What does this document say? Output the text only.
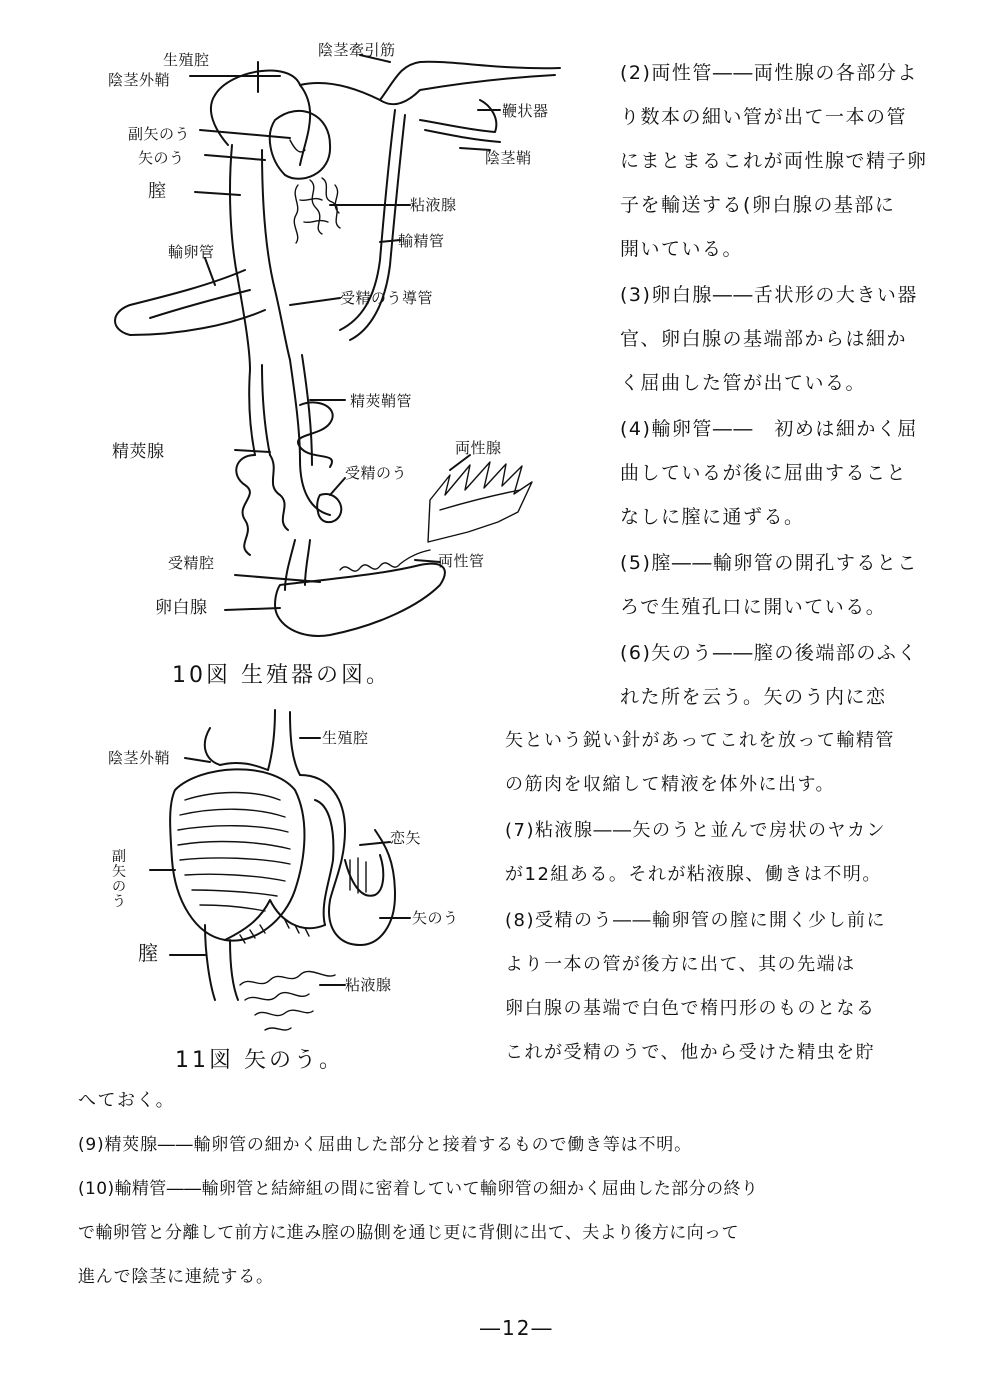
生殖腔
陰茎外鞘
陰茎牽引筋
鞭状器
陰茎鞘
副矢のう
矢のう
膣
粘液腺
輸精管
輸卵管
受精のう導管
精莢鞘管
精莢腺
受精のう
両性腺
受精腔	両性管
卵白腺
10図 生殖器の図。
生殖腔
陰茎外鞘
副矢のう
恋矢
矢のう
膣
粘液腺
11図 矢のう。
(2)両性管――両性腺の各部分よ
り数本の細い管が出て一本の管
にまとまるこれが両性腺で精子卵
子を輸送する(卵白腺の基部に
開いている。
(3)卵白腺――舌状形の大きい器
官、卵白腺の基端部からは細か
く屈曲した管が出ている。
(4)輸卵管――　初めは細かく屈
曲しているが後に屈曲すること
なしに膣に通ずる。
(5)膣――輸卵管の開孔するとこ
ろで生殖孔口に開いている。
(6)矢のう――膣の後端部のふく
れた所を云う。矢のう内に恋
矢という鋭い針があってこれを放って輸精管
の筋肉を収縮して精液を体外に出す。
(7)粘液腺――矢のうと並んで房状のヤカン
が12組ある。それが粘液腺、働きは不明。
(8)受精のう――輸卵管の膣に開く少し前に
より一本の管が後方に出て、其の先端は
卵白腺の基端で白色で楕円形のものとなる
これが受精のうで、他から受けた精虫を貯
へておく。
(9)精莢腺――輸卵管の細かく屈曲した部分と接着するもので働き等は不明。
(10)輸精管――輸卵管と結締組の間に密着していて輸卵管の細かく屈曲した部分の終り
で輸卵管と分離して前方に進み膣の脇側を通じ更に背側に出て、夫より後方に向って
進んで陰茎に連続する。
―12―
